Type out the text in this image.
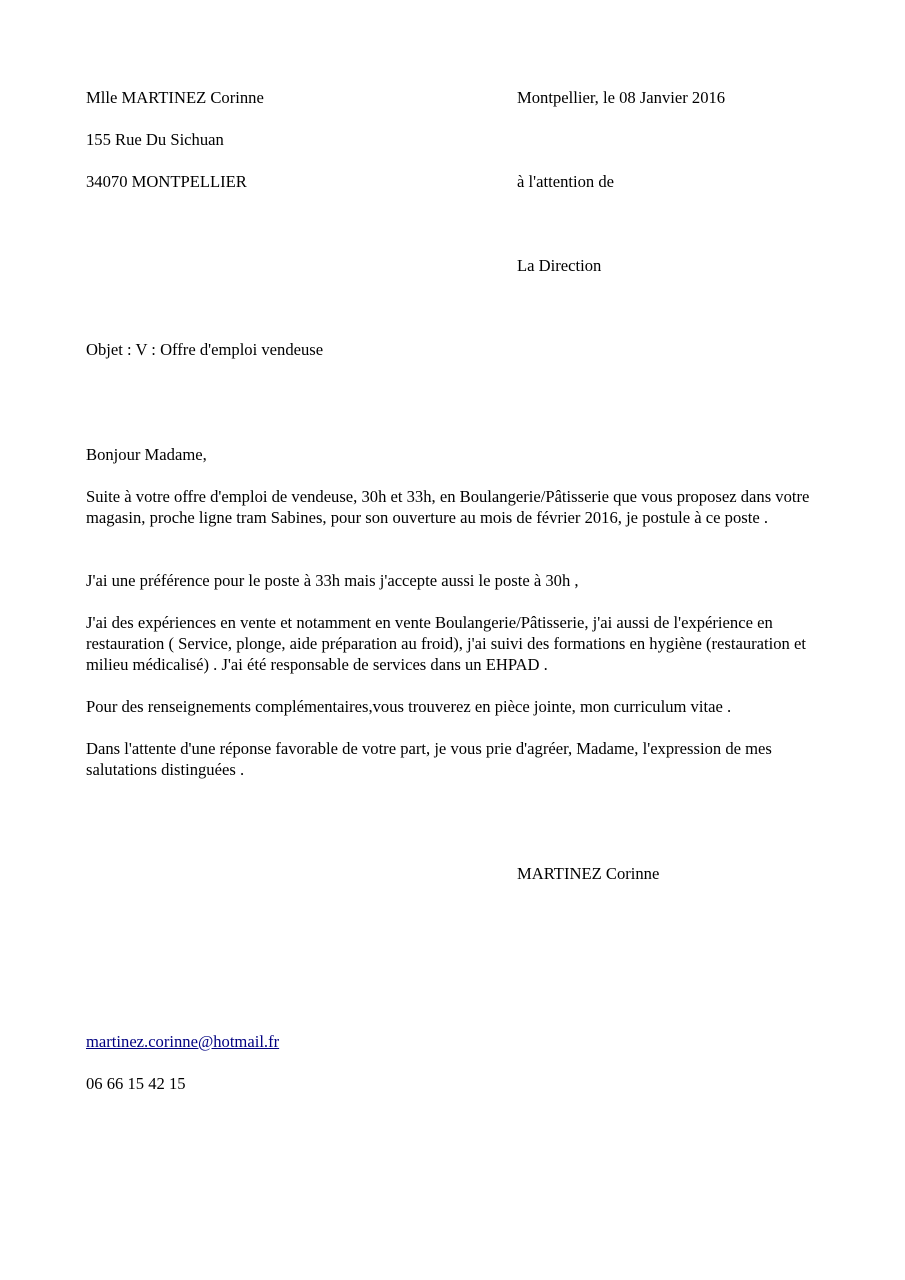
Mlle MARTINEZ Corinne	Montpellier, le 08 Janvier 2016
155 Rue Du Sichuan
34070 MONTPELLIER	à l'attention de
La Direction
Objet : V : Offre d'emploi vendeuse
Bonjour Madame,
Suite à votre offre d'emploi de vendeuse, 30h et 33h, en Boulangerie/Pâtisserie que vous proposez dans votre magasin, proche ligne tram Sabines, pour son ouverture au mois de février 2016, je postule à ce poste .
J'ai une préférence pour le poste à 33h mais j'accepte aussi le poste à 30h ,
J'ai des expériences en vente et notamment en vente Boulangerie/Pâtisserie, j'ai aussi de l'expérience en restauration ( Service, plonge, aide préparation au froid), j'ai suivi des formations en hygiène (restauration et milieu médicalisé) . J'ai été responsable de services dans un EHPAD .
Pour des renseignements complémentaires,vous trouverez en pièce jointe, mon curriculum vitae .
Dans l'attente d'une réponse favorable de votre part, je vous prie d'agréer, Madame, l'expression de mes salutations distinguées .
MARTINEZ Corinne
martinez.corinne@hotmail.fr
06 66 15 42 15
